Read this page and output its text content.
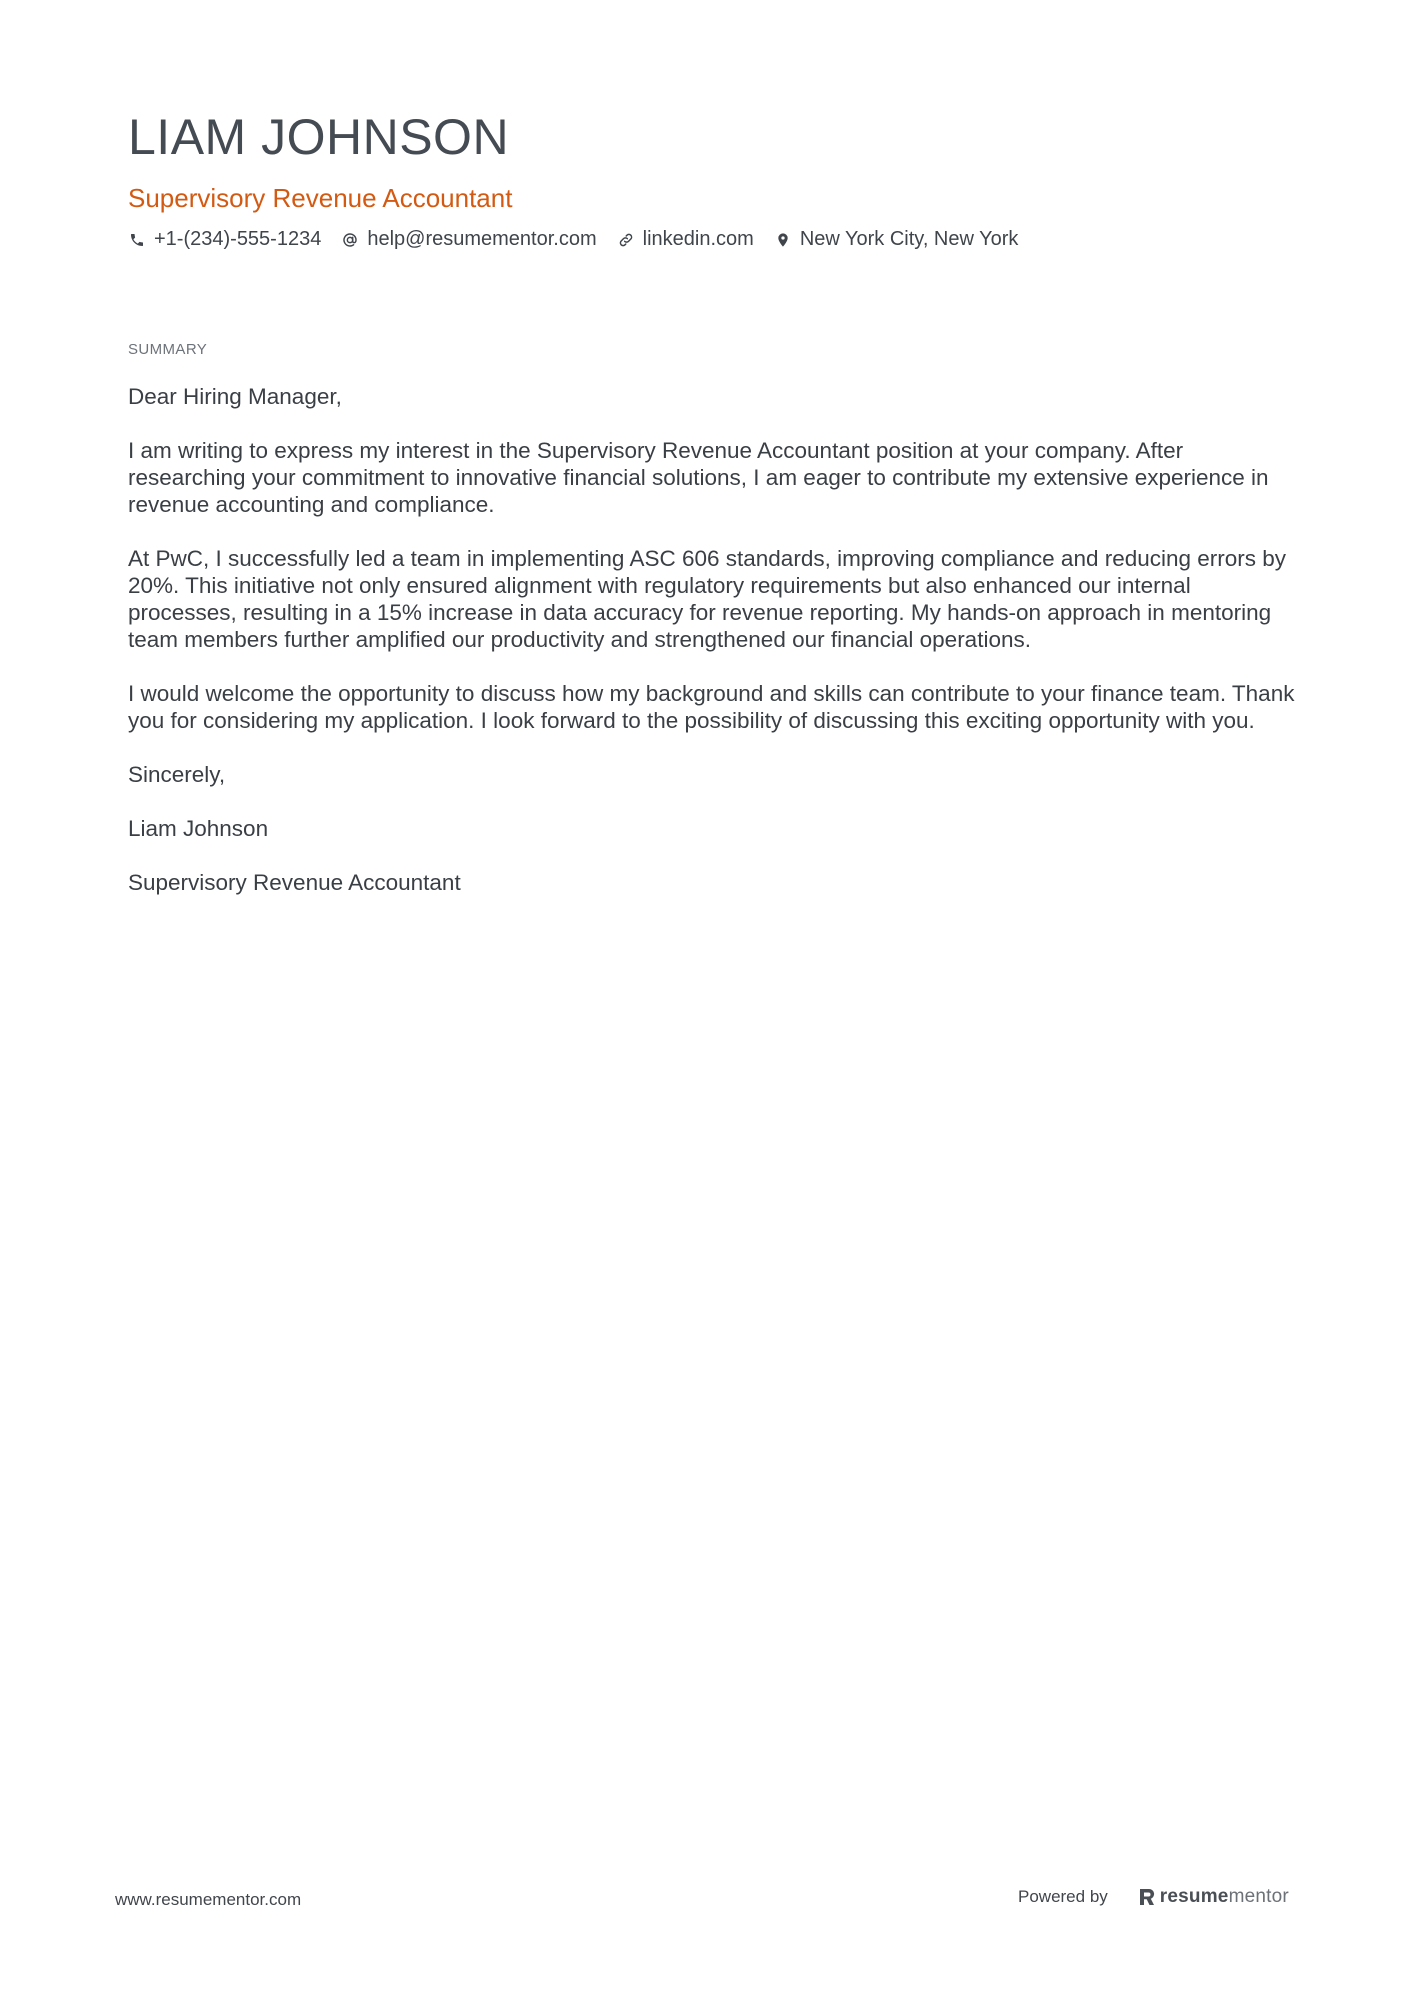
LIAM JOHNSON
Supervisory Revenue Accountant
+1-(234)-555-1234 help@resumementor.com linkedin.com New York City, New York
SUMMARY

Dear Hiring Manager,

I am writing to express my interest in the Supervisory Revenue Accountant position at your company. After researching your commitment to innovative financial solutions, I am eager to contribute my extensive experience in revenue accounting and compliance.

At PwC, I successfully led a team in implementing ASC 606 standards, improving compliance and reducing errors by 20%. This initiative not only ensured alignment with regulatory requirements but also enhanced our internal processes, resulting in a 15% increase in data accuracy for revenue reporting. My hands-on approach in mentoring team members further amplified our productivity and strengthened our financial operations.

I would welcome the opportunity to discuss how my background and skills can contribute to your finance team. Thank you for considering my application. I look forward to the possibility of discussing this exciting opportunity with you.

Sincerely,

Liam Johnson

Supervisory Revenue Accountant

www.resumementor.com	Powered by	resume mentor
